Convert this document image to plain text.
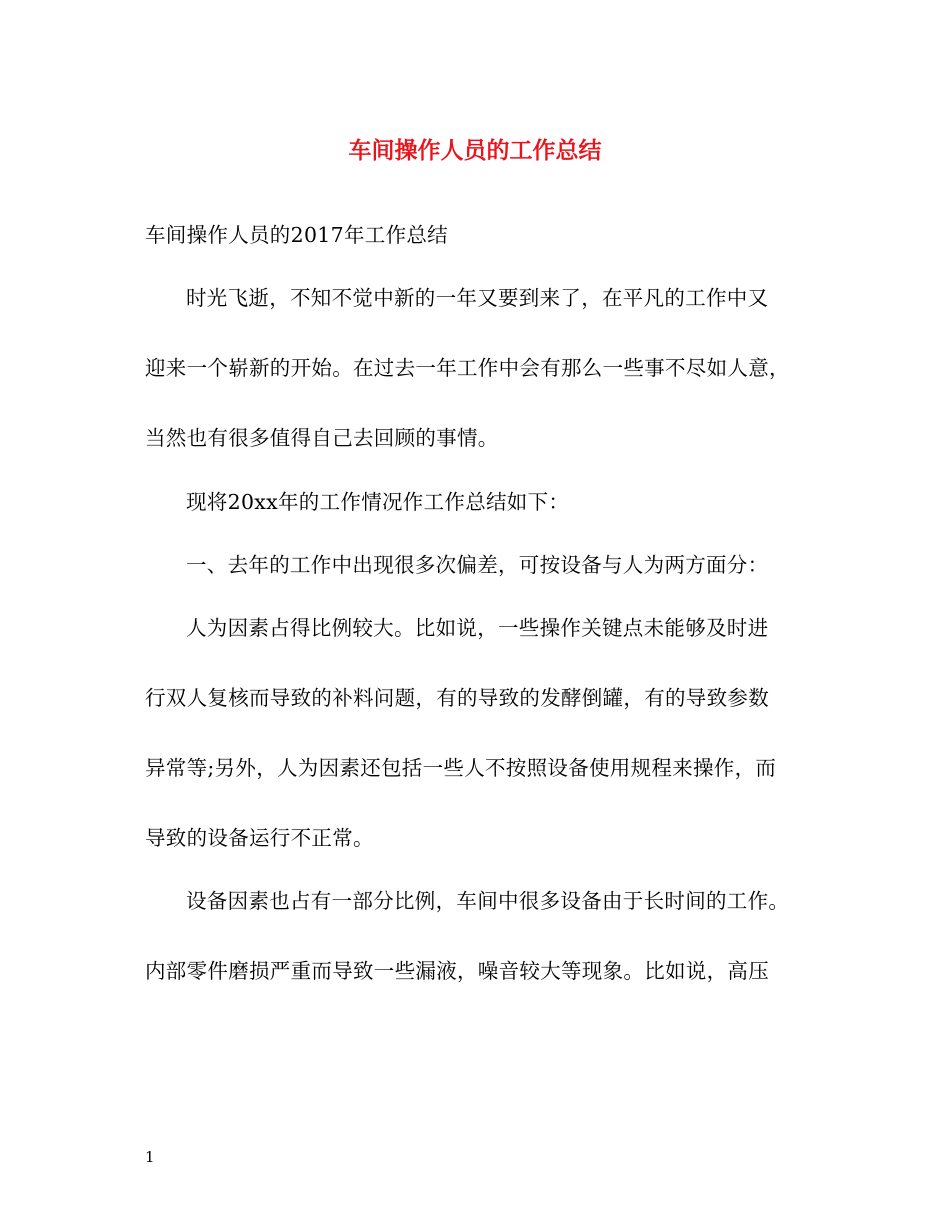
车间操作人员的工作总结
车间操作人员的2017年工作总结
时光飞逝，不知不觉中新的一年又要到来了，在平凡的工作中又
迎来一个崭新的开始。在过去一年工作中会有那么一些事不尽如人意，
当然也有很多值得自己去回顾的事情。
现将20xx年的工作情况作工作总结如下：
一、去年的工作中出现很多次偏差，可按设备与人为两方面分：
人为因素占得比例较大。比如说，一些操作关键点未能够及时进
行双人复核而导致的补料问题，有的导致的发酵倒罐，有的导致参数
异常等;另外，人为因素还包括一些人不按照设备使用规程来操作，而
导致的设备运行不正常。
设备因素也占有一部分比例，车间中很多设备由于长时间的工作。
内部零件磨损严重而导致一些漏液，噪音较大等现象。比如说，高压
1
